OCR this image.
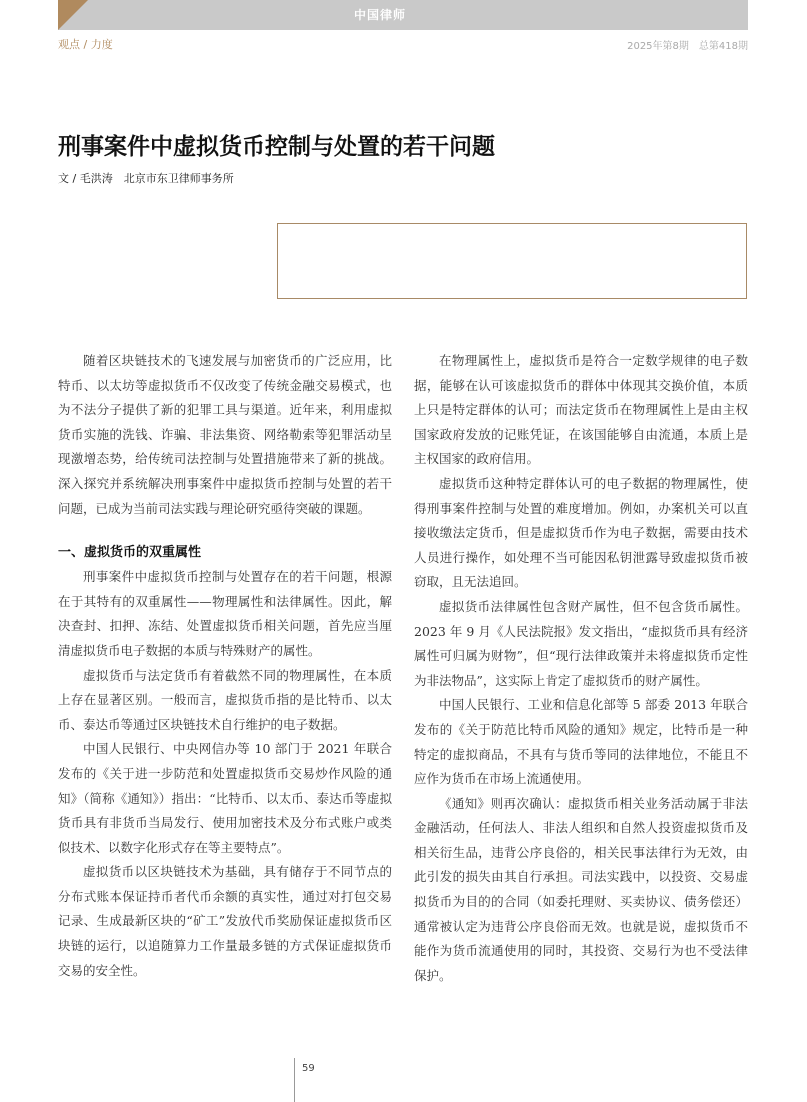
中国律师
观点 / 力度	2025年第8期　总第418期
刑事案件中虚拟货币控制与处置的若干问题
文 / 毛洪涛　北京市东卫律师事务所

随着区块链技术的飞速发展与加密货币的广泛应用，比特币、以太坊等虚拟货币不仅改变了传统金融交易模式，也为不法分子提供了新的犯罪工具与渠道。近年来，利用虚拟货币实施的洗钱、诈骗、非法集资、网络勒索等犯罪活动呈现激增态势，给传统司法控制与处置措施带来了新的挑战。深入探究并系统解决刑事案件中虚拟货币控制与处置的若干问题，已成为当前司法实践与理论研究亟待突破的课题。

一、虚拟货币的双重属性

刑事案件中虚拟货币控制与处置存在的若干问题，根源在于其特有的双重属性——物理属性和法律属性。因此，解决查封、扣押、冻结、处置虚拟货币相关问题，首先应当厘清虚拟货币电子数据的本质与特殊财产的属性。

虚拟货币与法定货币有着截然不同的物理属性，在本质上存在显著区别。一般而言，虚拟货币指的是比特币、以太币、泰达币等通过区块链技术自行维护的电子数据。

中国人民银行、中央网信办等 10 部门于 2021 年联合发布的《关于进一步防范和处置虚拟货币交易炒作风险的通知》（简称《通知》）指出：“比特币、以太币、泰达币等虚拟货币具有非货币当局发行、使用加密技术及分布式账户或类似技术、以数字化形式存在等主要特点”。

虚拟货币以区块链技术为基础，具有储存于不同节点的分布式账本保证持币者代币余额的真实性，通过对打包交易记录、生成最新区块的“矿工”发放代币奖励保证虚拟货币区块链的运行，以追随算力工作量最多链的方式保证虚拟货币交易的安全性。

在物理属性上，虚拟货币是符合一定数学规律的电子数据，能够在认可该虚拟货币的群体中体现其交换价值，本质上只是特定群体的认可；而法定货币在物理属性上是由主权国家政府发放的记账凭证，在该国能够自由流通，本质上是主权国家的政府信用。

虚拟货币这种特定群体认可的电子数据的物理属性，使得刑事案件控制与处置的难度增加。例如，办案机关可以直接收缴法定货币，但是虚拟货币作为电子数据，需要由技术人员进行操作，如处理不当可能因私钥泄露导致虚拟货币被窃取，且无法追回。

虚拟货币法律属性包含财产属性，但不包含货币属性。2023 年 9 月《人民法院报》发文指出，“虚拟货币具有经济属性可归属为财物”，但“现行法律政策并未将虚拟货币定性为非法物品”，这实际上肯定了虚拟货币的财产属性。

中国人民银行、工业和信息化部等 5 部委 2013 年联合发布的《关于防范比特币风险的通知》规定，比特币是一种特定的虚拟商品，不具有与货币等同的法律地位，不能且不应作为货币在市场上流通使用。

《通知》则再次确认：虚拟货币相关业务活动属于非法金融活动，任何法人、非法人组织和自然人投资虚拟货币及相关衍生品，违背公序良俗的，相关民事法律行为无效，由此引发的损失由其自行承担。司法实践中，以投资、交易虚拟货币为目的的合同（如委托理财、买卖协议、债务偿还）通常被认定为违背公序良俗而无效。也就是说，虚拟货币不能作为货币流通使用的同时，其投资、交易行为也不受法律保护。

59
